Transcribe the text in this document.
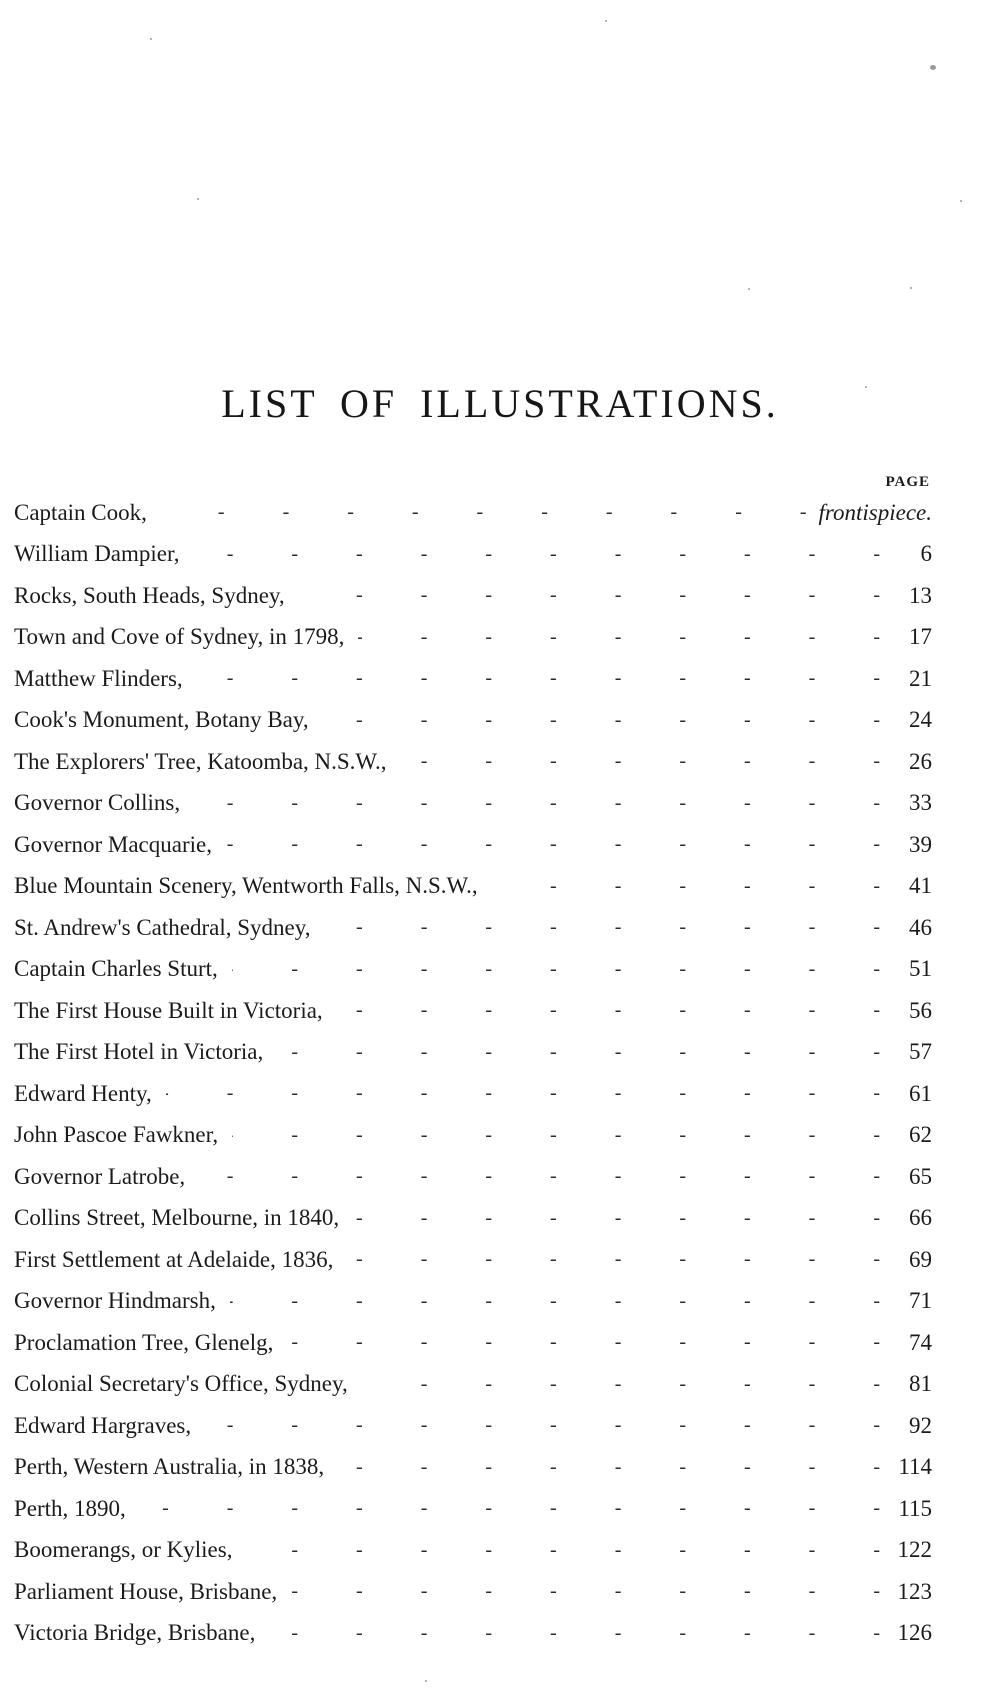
LIST OF ILLUSTRATIONS.
PAGE
Captain Cook, -	frontispiece.
William Dampier, -	6
Rocks, South Heads, Sydney, -	13
Town and Cove of Sydney, in 1798, -	17
Matthew Flinders, -	21
Cook's Monument, Botany Bay, -	24
The Explorers' Tree, Katoomba, N.S.W., -	26
Governor Collins, -	33
Governor Macquarie, -	39
Blue Mountain Scenery, Wentworth Falls, N.S.W., -	41
St. Andrew's Cathedral, Sydney, -	46
Captain Charles Sturt, -	51
The First House Built in Victoria, -	56
The First Hotel in Victoria, -	57
Edward Henty, -	61
John Pascoe Fawkner, -	62
Governor Latrobe, -	65
Collins Street, Melbourne, in 1840, -	66
First Settlement at Adelaide, 1836, -	69
Governor Hindmarsh, -	71
Proclamation Tree, Glenelg, -	74
Colonial Secretary's Office, Sydney, -	81
Edward Hargraves, -	92
Perth, Western Australia, in 1838, -	114
Perth, 1890, -	115
Boomerangs, or Kylies, -	122
Parliament House, Brisbane, -	123
Victoria Bridge, Brisbane, -	126
